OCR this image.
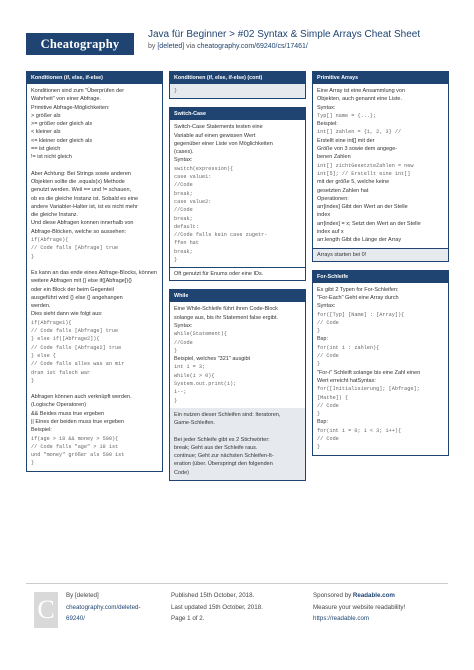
Cheatography
Java für Beginner > #02 Syntax & Simple Arrays Cheat Sheet
by [deleted] via cheatography.com/69240/cs/17461/
Konditionen (if, else, if-else)
Konditionen sind zum "Überprüfen der
Wahrheit" von einer Abfrage.
Primitive Abfrage-Möglichkeiten:
> größer als
>= größer oder gleich als
< kleiner als
<= kleiner oder gleich als
== ist gleich
!= ist nicht gleich
Aber Achtung: Bei Strings sowie anderen
Objekten sollte die .equals(x) Methode
genutzt werden. Weil == und != schauen,
ob es die gleiche Instanz ist. Sobald es eine
andere Variabler-Halter ist, ist es nicht mehr
die gleiche Instanz.
Und diese Abfragen konnen innerhalb von
Abfrage-Blöcken, welche so aussehen:
if(Abfrage){
// Code falls [Abfrage] true
}
Es kann an das ende eines Abfrage-Blocks, können
weitere Abfragen mit {} else if([Abfrage]){}
oder ein Block der beim Gegenteil
ausgeführt wird {} else {} angehangen
werden.
Dies sieht dann wie folgt aus:
if(Abfrage1){
// Code falls [Abfrage] true
} else if([Abfrage2]){
// Code falls [Abfrage2] true
} else {
// Code falls alles was an mir
dran ist falsch war
}
Abfragen können auch verknüpft werden.
(Logische Operatoren)
&& Beides muss true ergeben
|| Eines der beiden muss true ergeben
Beispiel:
if(age > 18 && money > 500){
// Code falls "age" > 18 ist
und "money" größer als 500 ist
}
Konditionen (if, else, if-else) (cont)
}
Switch-Case
Switch-Case Statements testen eine
Variable auf einen gewissen Wert
gegenüber einer Liste von Möglichkeiten
(cases).
Syntax:
switch(expression){
case value1:
//Code
break;
case value2:
//Code
break;
default:
//Code falls kein case zugetr-
ffen hat
break;
}
Oft genutzt für Enums oder eine IDs.
While
Eine While-Schleife führt ihren Code-Block
solange aus, bis ihr Statement false ergibt.
Syntax:
while(Statement){
//Code
}
Beispiel, welches "321" ausgibt
int i = 3;
while(i > 0){
System.out.print(i);
i--;
}
Ein nutzen dieser Schleifen sind: Iteratoren,
Game-Schleifen.
Bei jeder Schleife gibt es 2 Stichwörter:
break; Geht aus der Schleife raus.
continue; Geht zur nächsten Schleifen-It-
eration (über. Überspringt den folgenden
Code)
Primitive Arrays
Eine Array ist eine Ansammlung von
Objekten, auch genannt eine Liste.
Syntax:
Typ[] name = {...};
Beispiel:
int[] zahlen = {1, 2, 3} //
Erstellt eine int[] mit der
Größe von 3 sowie dem angege-
benen Zahlen
int[] zichtGesetzteZahlen = new
int[5]; // Erstellt eine int[]
mit der größe 5, welche keine
gesetzten Zahlen hat
Operationen:
arr[index] Gibt den Wert an der Stelle
index
arr[index] = x; Setzt den Wert an der Stelle
index auf x
arr.length Gibt die Länge der Array
Arrays starten bei 0!
For-Schleife
Es gibt 2 Typen for For-Schleifen:
"For-Each" Geht eine Array durch
Syntax:
for([Typ] [Name] : [Array]){
// Code
}
Bsp:
for(int i : zahlen){
// Code
}
"For-i" Schleift solange bis eine Zahl einen
Wert erreicht hatSyntax:
for([Initialisierung]; [Abfrage];
[Mathe]) {
// Code
}
Bsp:
for(int i = 0; i < 3; i++){
// Code
}
C	By [deleted]
cheatography.com/deleted-
69240/
Published 15th October, 2018.
Last updated 15th October, 2018.
Page 1 of 2.
Sponsored by Readable.com
Measure your website readability!
https://readable.com
